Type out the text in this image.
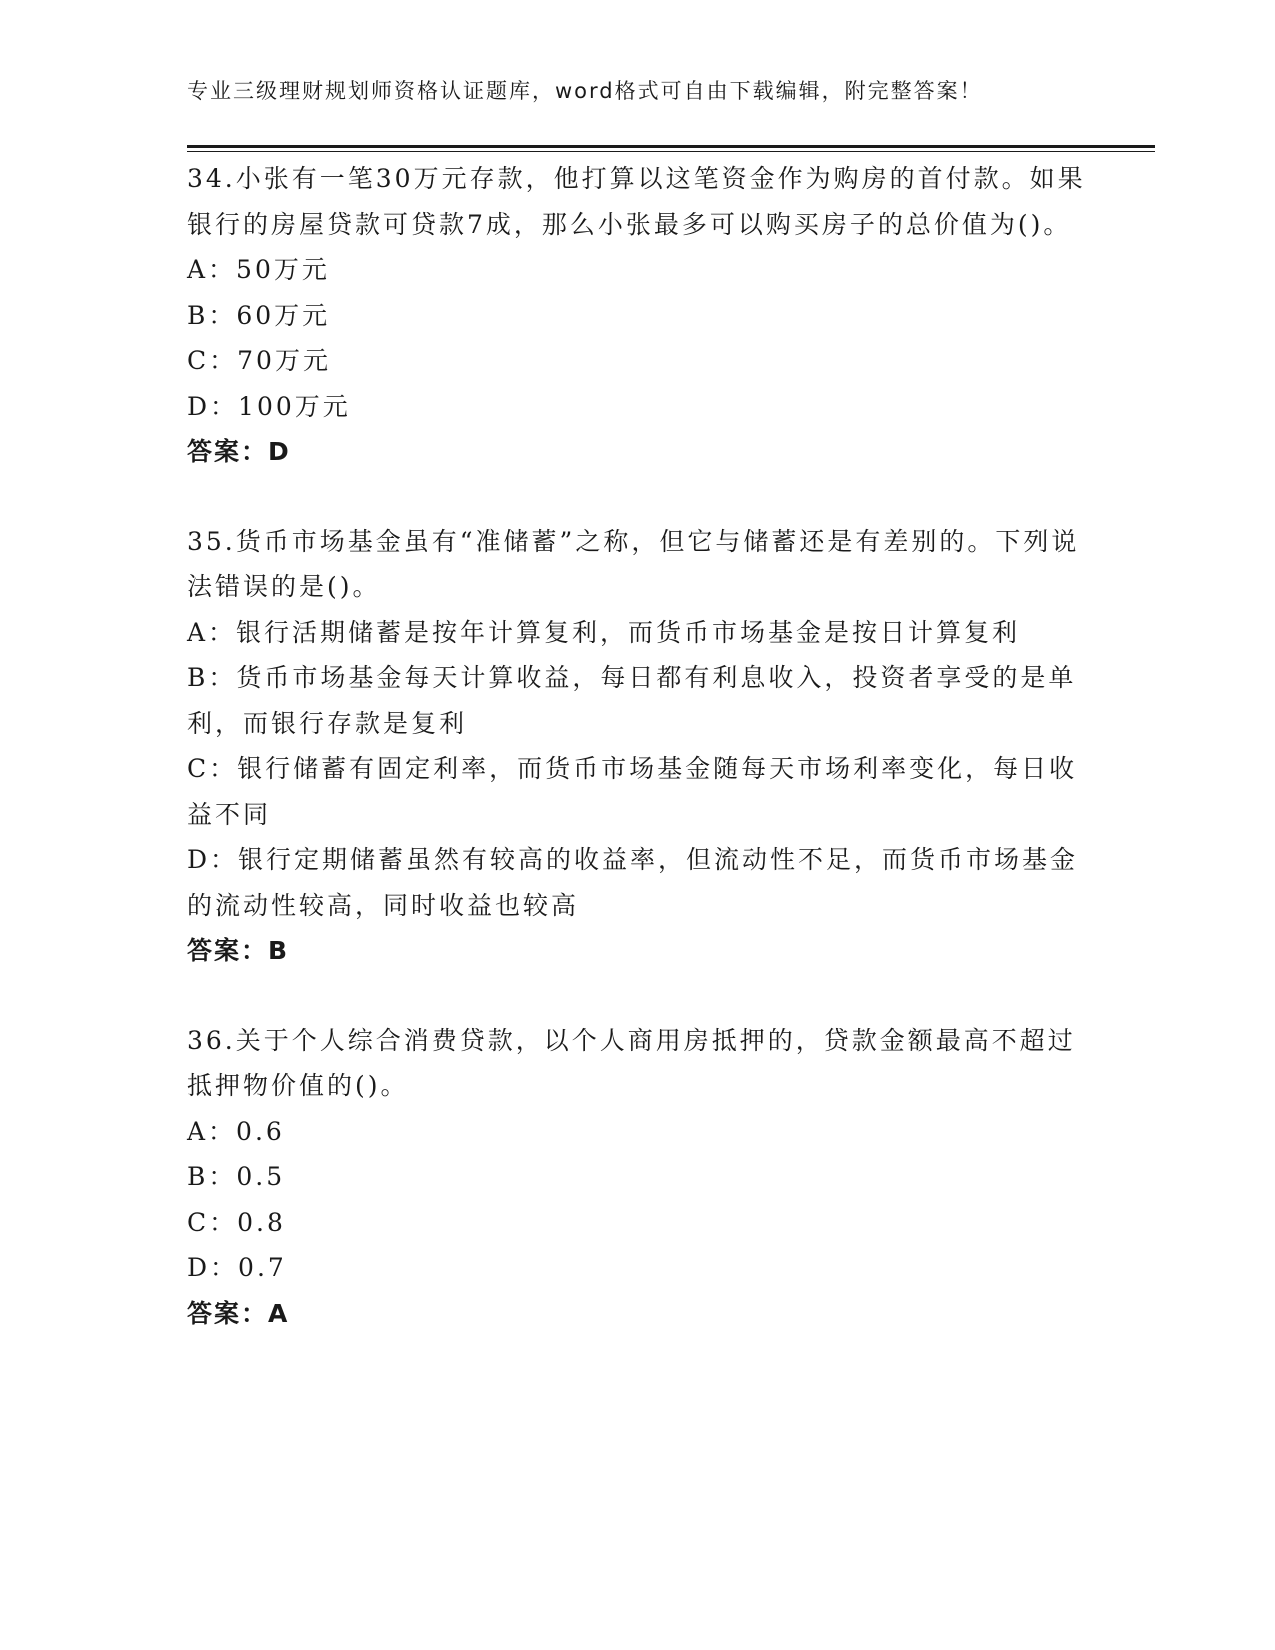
专业三级理财规划师资格认证题库，word格式可自由下载编辑，附完整答案！

34.小张有一笔30万元存款，他打算以这笔资金作为购房的首付款。如果银行的房屋贷款可贷款7成，那么小张最多可以购买房子的总价值为()。

A：50万元

B：60万元

C：70万元

D：100万元

答案：D

35.货币市场基金虽有“准储蓄”之称，但它与储蓄还是有差别的。下列说法错误的是()。

A：银行活期储蓄是按年计算复利，而货币市场基金是按日计算复利

B：货币市场基金每天计算收益，每日都有利息收入，投资者享受的是单利，而银行存款是复利

C：银行储蓄有固定利率，而货币市场基金随每天市场利率变化，每日收益不同

D：银行定期储蓄虽然有较高的收益率，但流动性不足，而货币市场基金的流动性较高，同时收益也较高

答案：B

36.关于个人综合消费贷款，以个人商用房抵押的，贷款金额最高不超过抵押物价值的()。

A：0.6

B：0.5

C：0.8

D：0.7

答案：A
